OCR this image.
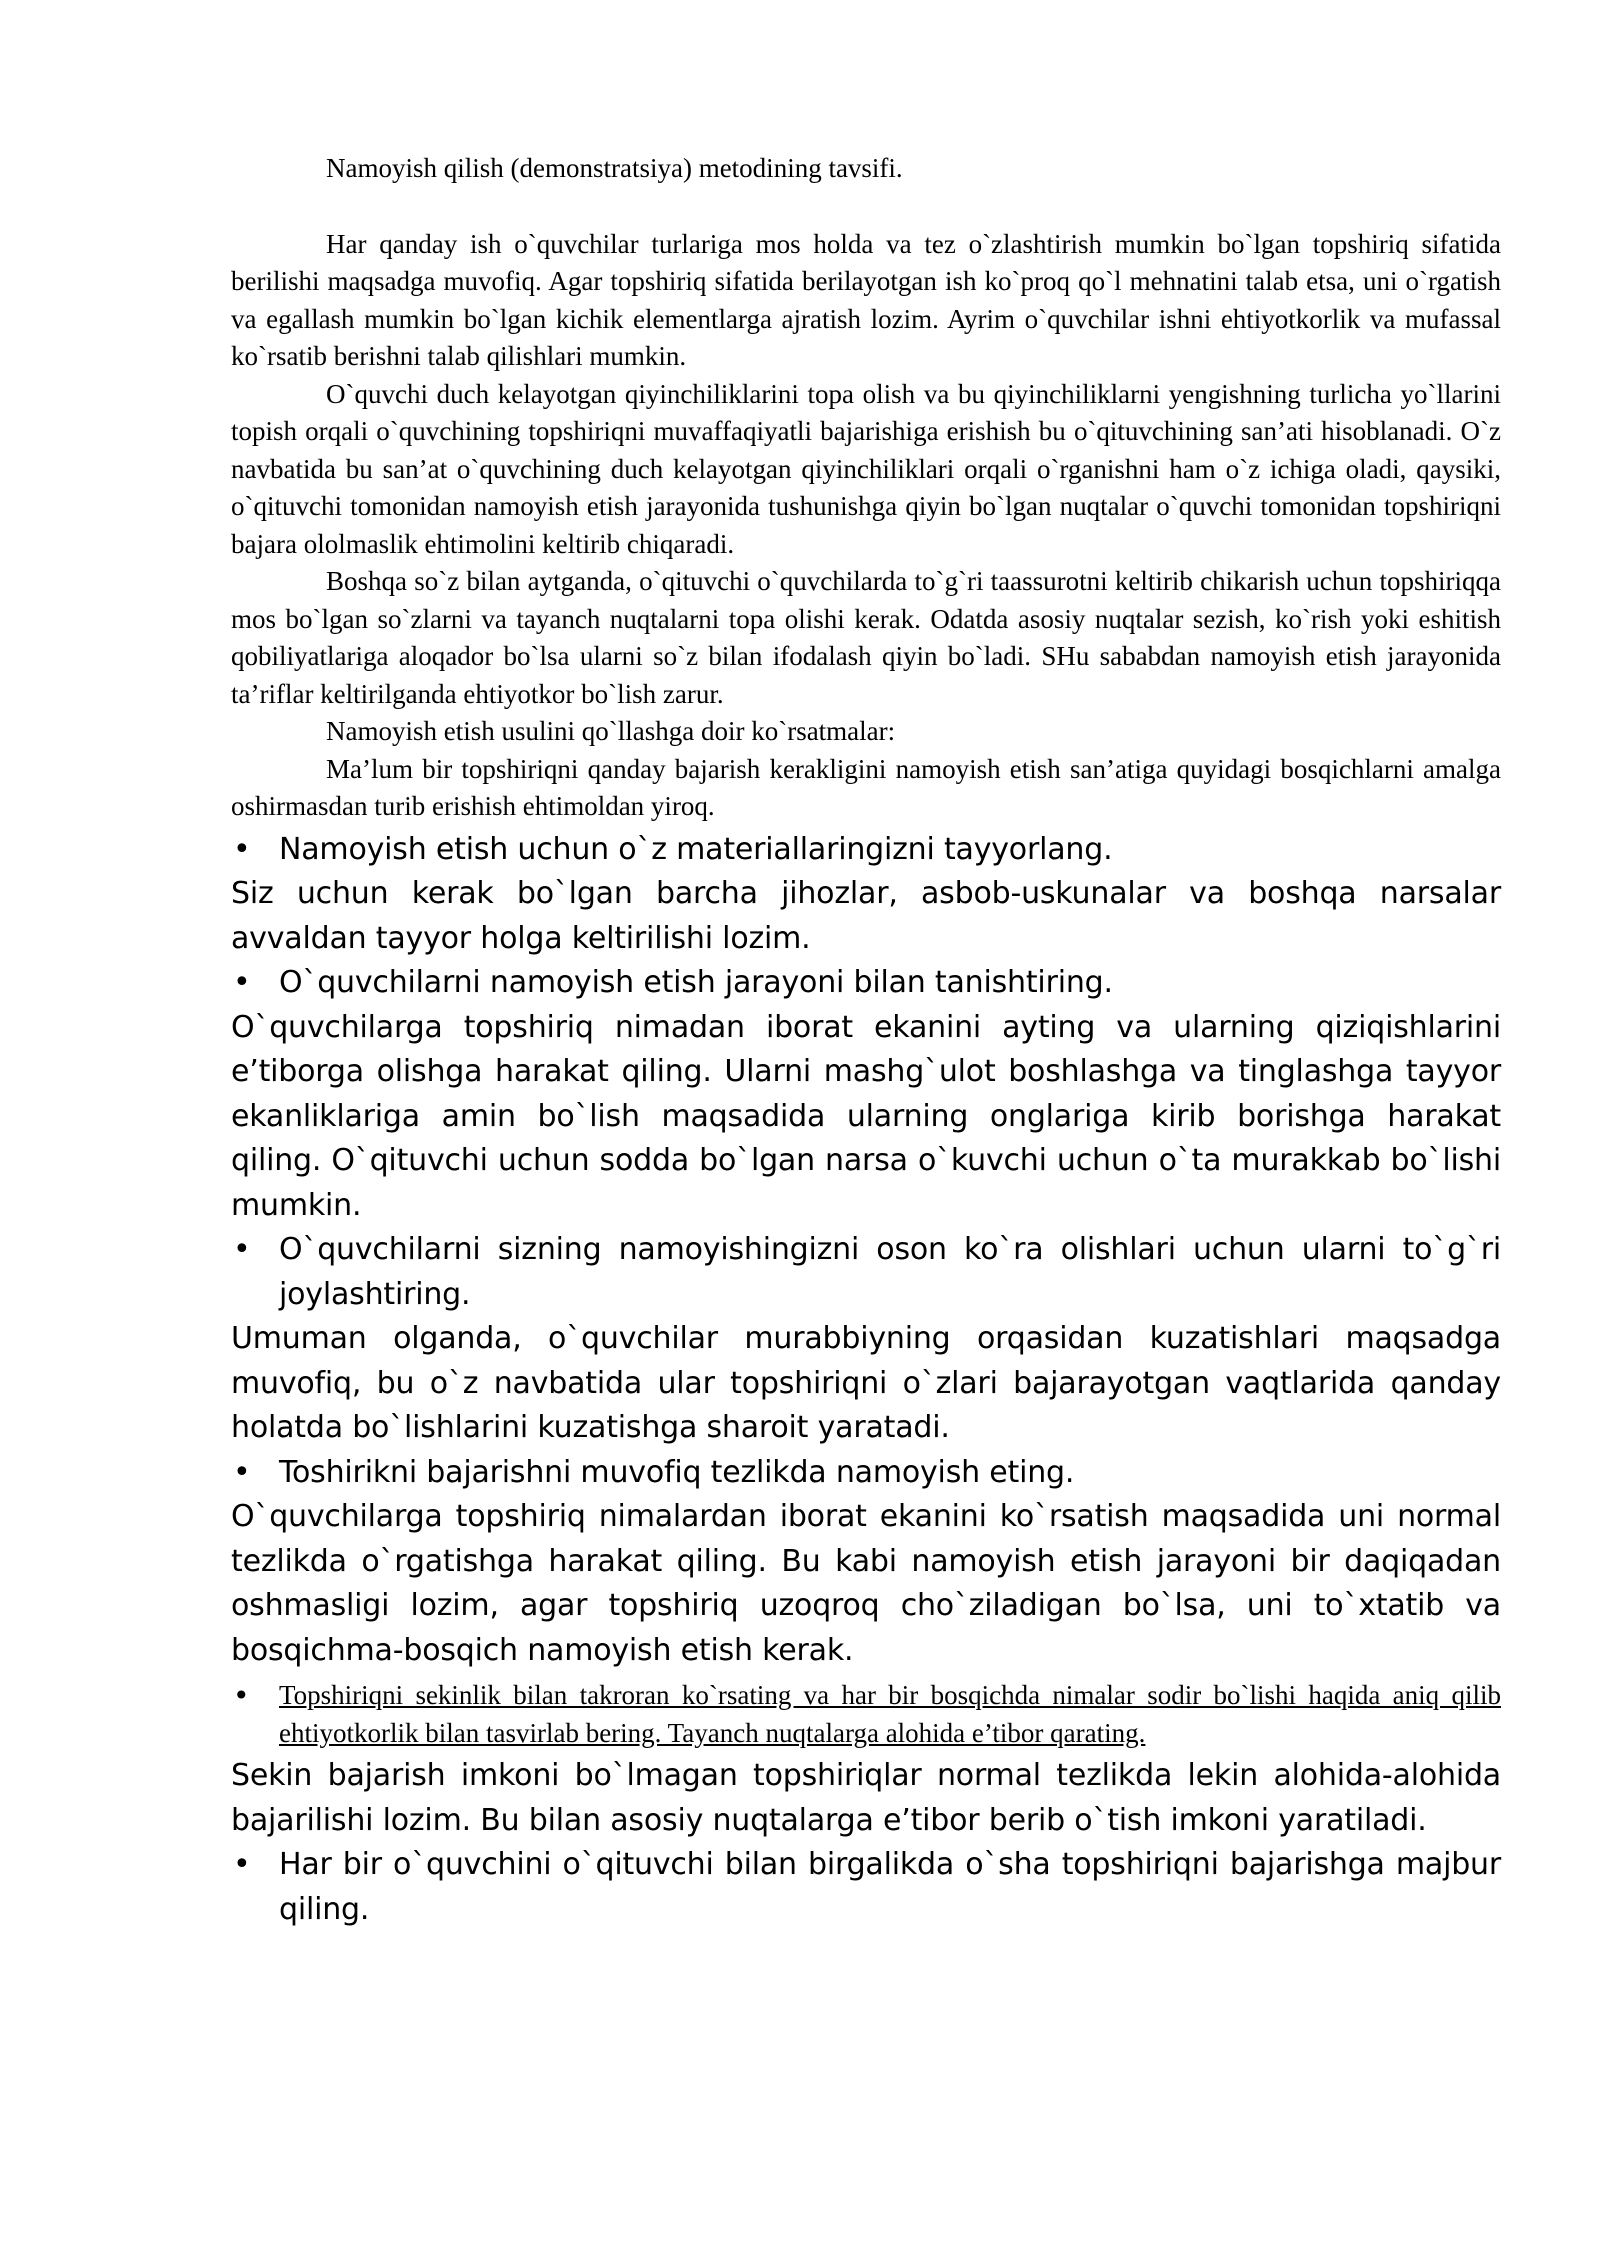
Namoyish qilish (demonstratsiya) metodining tavsifi.

Har qanday ish o`quvchilar turlariga mos holda va tez o`zlashtirish mumkin bo`lgan topshiriq sifatida berilishi maqsadga muvofiq. Agar topshiriq sifatida berilayotgan ish ko`proq qo`l mehnatini talab etsa, uni o`rgatish va egallash mumkin bo`lgan kichik elementlarga ajratish lozim. Ayrim o`quvchilar ishni ehtiyotkorlik va mufassal ko`rsatib berishni talab qilishlari mumkin.

O`quvchi duch kelayotgan qiyinchiliklarini topa olish va bu qiyinchiliklarni yengishning turlicha yo`llarini topish orqali o`quvchining topshiriqni muvaffaqiyatli bajarishiga erishish bu o`qituvchining san’ati hisoblanadi. O`z navbatida bu san’at o`quvchining duch kelayotgan qiyinchiliklari orqali o`rganishni ham o`z ichiga oladi, qaysiki, o`qituvchi tomonidan namoyish etish jarayonida tushunishga qiyin bo`lgan nuqtalar o`quvchi tomonidan topshiriqni bajara ololmaslik ehtimolini keltirib chiqaradi.

Boshqa so`z bilan aytganda, o`qituvchi o`quvchilarda to`g`ri taassurotni keltirib chikarish uchun topshiriqqa mos bo`lgan so`zlarni va tayanch nuqtalarni topa olishi kerak. Odatda asosiy nuqtalar sezish, ko`rish yoki eshitish qobiliyatlariga aloqador bo`lsa ularni so`z bilan ifodalash qiyin bo`ladi. SHu sababdan namoyish etish jarayonida ta’riflar keltirilganda ehtiyotkor bo`lish zarur.

Namoyish etish usulini qo`llashga doir ko`rsatmalar:

Ma’lum bir topshiriqni qanday bajarish kerakligini namoyish etish san’atiga quyidagi bosqichlarni amalga oshirmasdan turib erishish ehtimoldan yiroq.

• Namoyish etish uchun o`z materiallaringizni tayyorlang.

Siz uchun kerak bo`lgan barcha jihozlar, asbob-uskunalar va boshqa narsalar avvaldan tayyor holga keltirilishi lozim.

• O`quvchilarni namoyish etish jarayoni bilan tanishtiring.

O`quvchilarga topshiriq nimadan iborat ekanini ayting va ularning qiziqishlarini e’tiborga olishga harakat qiling. Ularni mashg`ulot boshlashga va tinglashga tayyor ekanliklariga amin bo`lish maqsadida ularning onglariga kirib borishga harakat qiling. O`qituvchi uchun sodda bo`lgan narsa o`kuvchi uchun o`ta murakkab bo`lishi mumkin.

• O`quvchilarni sizning namoyishingizni oson ko`ra olishlari uchun ularni to`g`ri joylashtiring.

Umuman olganda, o`quvchilar murabbiyning orqasidan kuzatishlari maqsadga muvofiq, bu o`z navbatida ular topshiriqni o`zlari bajarayotgan vaqtlarida qanday holatda bo`lishlarini kuzatishga sharoit yaratadi.

• Toshirikni bajarishni muvofiq tezlikda namoyish eting.

O`quvchilarga topshiriq nimalardan iborat ekanini ko`rsatish maqsadida uni normal tezlikda o`rgatishga harakat qiling. Bu kabi namoyish etish jarayoni bir daqiqadan oshmasligi lozim, agar topshiriq uzoqroq cho`ziladigan bo`lsa, uni to`xtatib va bosqichma-bosqich namoyish etish kerak.

• Topshiriqni sekinlik bilan takroran ko`rsating va har bir bosqichda nimalar sodir bo`lishi haqida aniq qilib ehtiyotkorlik bilan tasvirlab bering. Tayanch nuqtalarga alohida e’tibor qarating.

Sekin bajarish imkoni bo`lmagan topshiriqlar normal tezlikda lekin alohida-alohida bajarilishi lozim. Bu bilan asosiy nuqtalarga e’tibor berib o`tish imkoni yaratiladi.

• Har bir o`quvchini o`qituvchi bilan birgalikda o`sha topshiriqni bajarishga majbur qiling.
